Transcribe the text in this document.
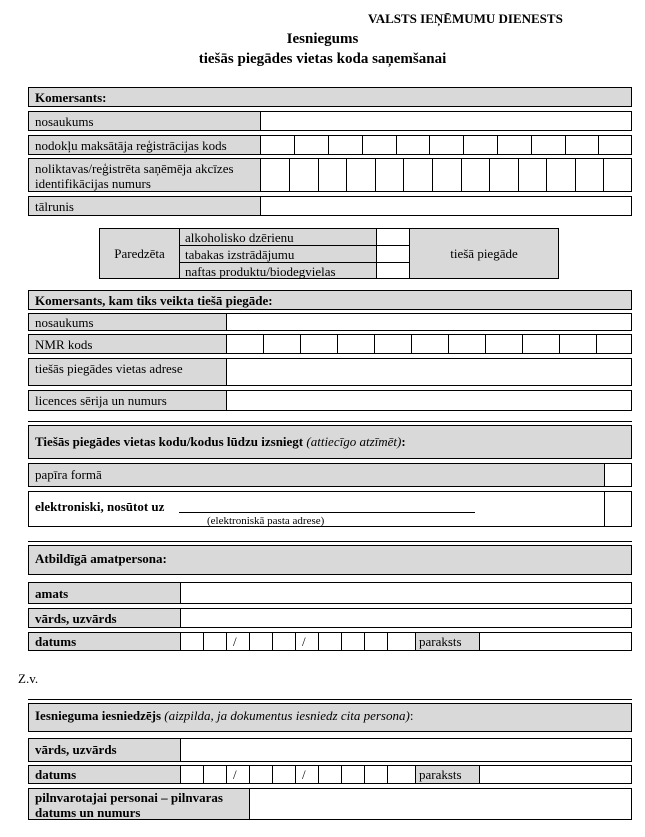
VALSTS IEŅĒMUMU DIENESTS
Iesniegums
tiešās piegādes vietas koda saņemšanai
Komersants:
nosaukums
nodokļu maksātāja reģistrācijas kods
noliktavas/reģistrēta saņēmēja akcīzes
identifikācijas numurs
tālrunis
Paredzēta
alkoholisko dzērienu
tabakas izstrādājumu
naftas produktu/biodegvielas
tiešā piegāde
Komersants, kam tiks veikta tiešā piegāde:
nosaukums
NMR kods
tiešās piegādes vietas adrese
licences sērija un numurs
Tiešās piegādes vietas kodu/kodus lūdzu izsniegt (attiecīgo atzīmēt):
papīra formā
elektroniski, nosūtot uz
(elektroniskā pasta adrese)
Atbildīgā amatpersona:
amats
vārds, uzvārds
datums	/	/	paraksts
Z.v.
Iesnieguma iesniedzējs (aizpilda, ja dokumentus iesniedz cita persona):
vārds, uzvārds
datums	/	/	paraksts
pilnvarotajai personai – pilnvaras
datums un numurs
